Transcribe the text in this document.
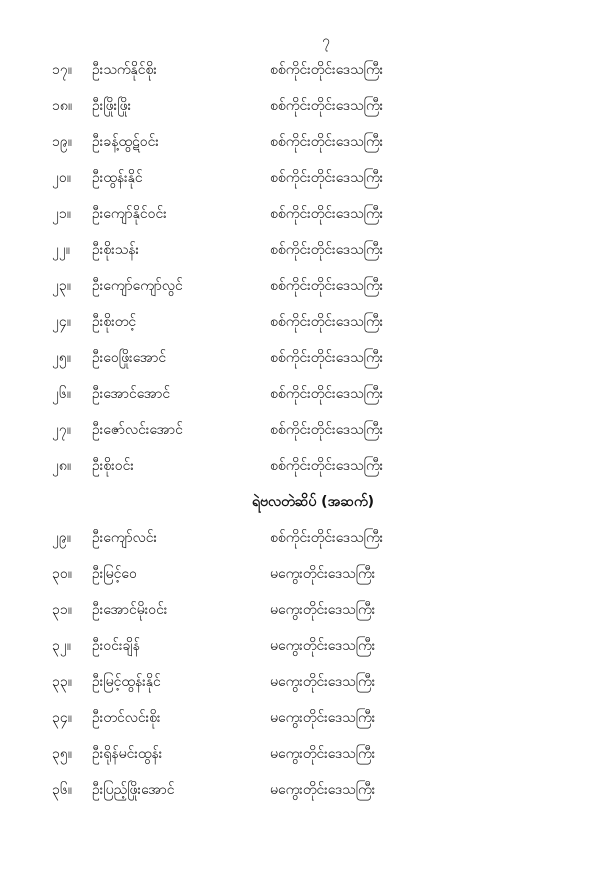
၇
၁၇။	ဦးသက်နိုင်စိုး	စစ်ကိုင်းတိုင်းဒေသကြီး
၁၈။	ဦးဖြိုးဖြိုး	စစ်ကိုင်းတိုင်းဒေသကြီး
၁၉။	ဦးခန့်ထွဋ်ဝင်း	စစ်ကိုင်းတိုင်းဒေသကြီး
၂၀။	ဦးထွန်းနိုင်	စစ်ကိုင်းတိုင်းဒေသကြီး
၂၁။	ဦးကျော်နိုင်ဝင်း	စစ်ကိုင်းတိုင်းဒေသကြီး
၂၂။	ဦးစိုးသန်း	စစ်ကိုင်းတိုင်းဒေသကြီး
၂၃။	ဦးကျော်ကျော်လွင်	စစ်ကိုင်းတိုင်းဒေသကြီး
၂၄။	ဦးစိုးတင့်	စစ်ကိုင်းတိုင်းဒေသကြီး
၂၅။	ဦးဝေဖြိုးအောင်	စစ်ကိုင်းတိုင်းဒေသကြီး
၂၆။	ဦးအောင်အောင်	စစ်ကိုင်းတိုင်းဒေသကြီး
၂၇။	ဦးဇော်လင်းအောင်	စစ်ကိုင်းတိုင်းဒေသကြီး
၂၈။	ဦးစိုးဝင်း	စစ်ကိုင်းတိုင်းဒေသကြီး
ရဲဗလတဲဆိပ် (အဆက်)
၂၉။	ဦးကျော်လင်း	စစ်ကိုင်းတိုင်းဒေသကြီး
၃၀။	ဦးမြင့်ဝေ	မကွေးတိုင်းဒေသကြီး
၃၁။	ဦးအောင်မိုးဝင်း	မကွေးတိုင်းဒေသကြီး
၃၂။	ဦးဝင်းချိန်	မကွေးတိုင်းဒေသကြီး
၃၃။	ဦးမြင့်ထွန်းနိုင်	မကွေးတိုင်းဒေသကြီး
၃၄။	ဦးတင်လင်းစိုး	မကွေးတိုင်းဒေသကြီး
၃၅။	ဦးရိုန်မင်းထွန်း	မကွေးတိုင်းဒေသကြီး
၃၆။	ဦးပြည့်ဖြိုးအောင်	မကွေးတိုင်းဒေသကြီး
